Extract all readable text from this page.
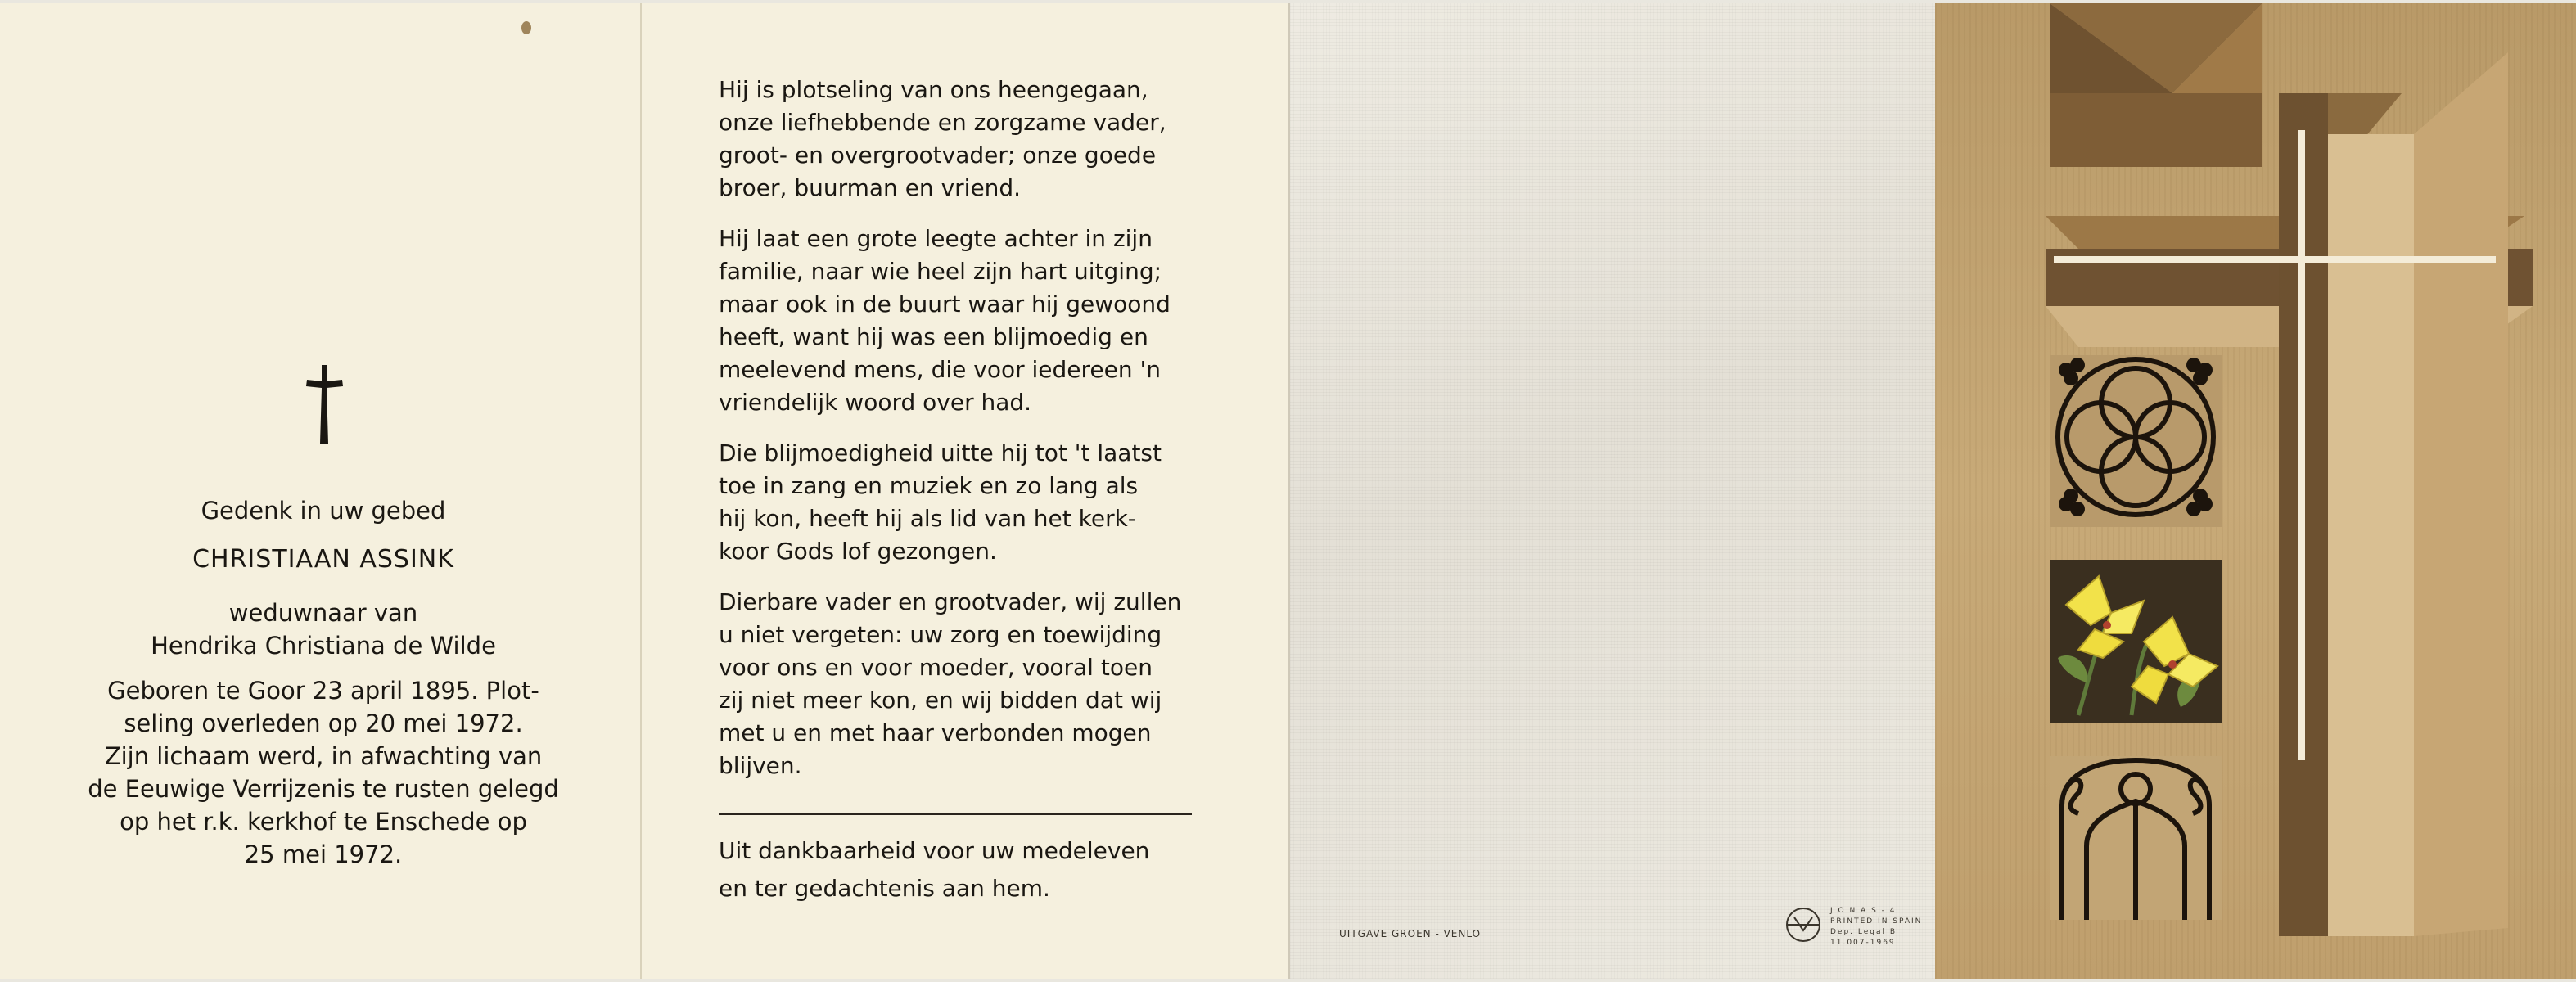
Gedenk in uw gebed
CHRISTIAAN ASSINK
weduwnaar van
Hendrika Christiana de Wilde
Geboren te Goor 23 april 1895. Plot-
seling overleden op 20 mei 1972.
Zijn lichaam werd, in afwachting van
de Eeuwige Verrijzenis te rusten gelegd
op het r.k. kerkhof te Enschede op
25 mei 1972.
Hij is plotseling van ons heengegaan,
onze liefhebbende en zorgzame vader,
groot- en overgrootvader; onze goede
broer, buurman en vriend.
Hij laat een grote leegte achter in zijn
familie, naar wie heel zijn hart uitging;
maar ook in de buurt waar hij gewoond
heeft, want hij was een blijmoedig en
meelevend mens, die voor iedereen 'n
vriendelijk woord over had.
Die blijmoedigheid uitte hij tot 't laatst
toe in zang en muziek en zo lang als
hij kon, heeft hij als lid van het kerk-
koor Gods lof gezongen.
Dierbare vader en grootvader, wij zullen
u niet vergeten: uw zorg en toewijding
voor ons en voor moeder, vooral toen
zij niet meer kon, en wij bidden dat wij
met u en met haar verbonden mogen
blijven.
Uit dankbaarheid voor uw medeleven
en ter gedachtenis aan hem.
UITGAVE GROEN - VENLO
J O N A S - 4
PRINTED IN SPAIN
Dep. Legal B 11.007-1969
